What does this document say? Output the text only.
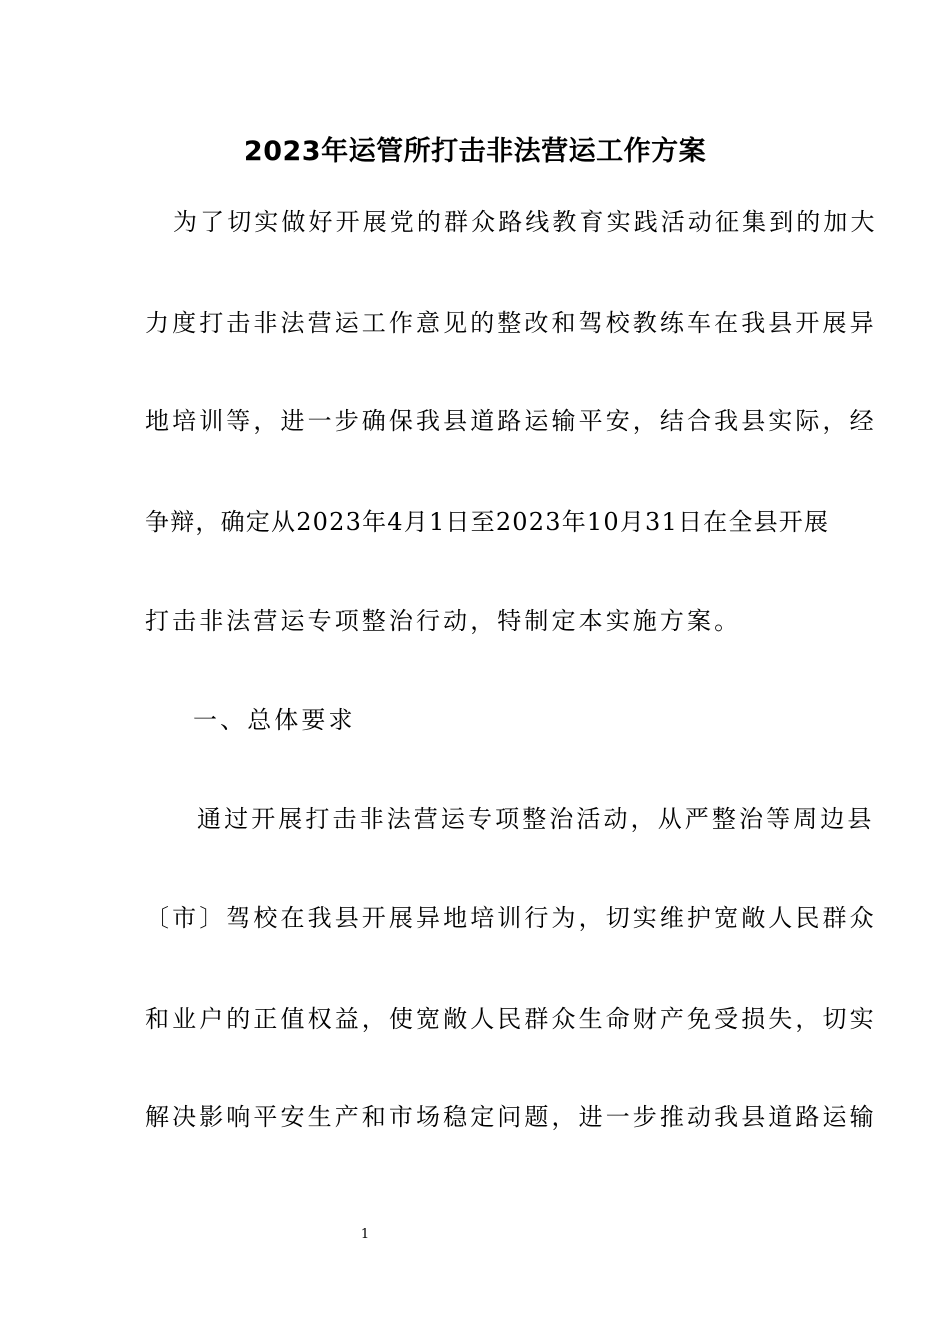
2023年运管所打击非法营运工作方案
为了切实做好开展党的群众路线教育实践活动征集到的加大
力度打击非法营运工作意见的整改和驾校教练车在我县开展异
地培训等，进一步确保我县道路运输平安，结合我县实际，经
争辩，确定从2023年4月1日至2023年10月31日在全县开展
打击非法营运专项整治行动，特制定本实施方案。
一、总体要求
通过开展打击非法营运专项整治活动，从严整治等周边县
〔市〕驾校在我县开展异地培训行为，切实维护宽敞人民群众
和业户的正值权益，使宽敞人民群众生命财产免受损失，切实
解决影响平安生产和市场稳定问题，进一步推动我县道路运输
1
